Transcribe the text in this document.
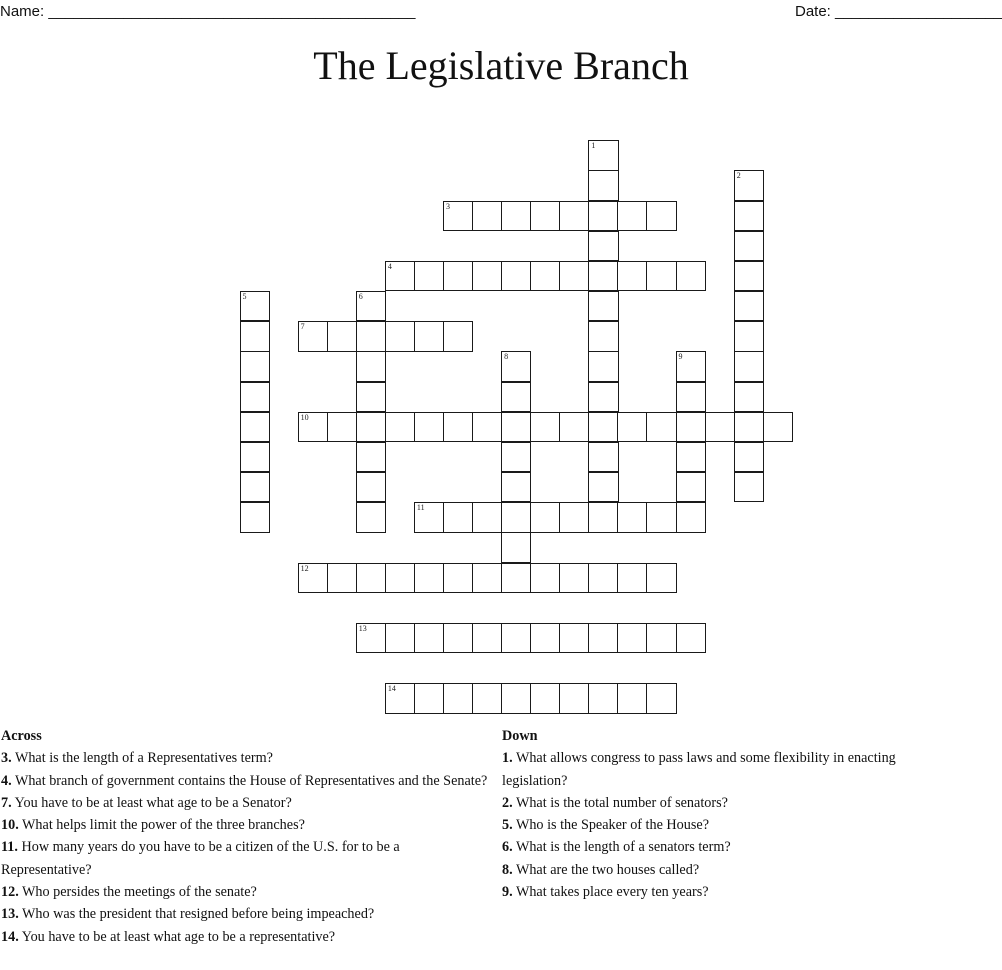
Name: ____________________________________________	Date: ____________________
The Legislative Branch
1
2
3
4
5	6
7
8	9
10
11
12
13
14
Across
3. What is the length of a Representatives term?
4. What branch of government contains the House of Representatives and the Senate?
7. You have to be at least what age to be a Senator?
10. What helps limit the power of the three branches?
11. How many years do you have to be a citizen of the U.S. for to be a Representative?
12. Who persides the meetings of the senate?
13. Who was the president that resigned before being impeached?
14. You have to be at least what age to be a representative?
Down
1. What allows congress to pass laws and some flexibility in enacting legislation?
2. What is the total number of senators?
5. Who is the Speaker of the House?
6. What is the length of a senators term?
8. What are the two houses called?
9. What takes place every ten years?
